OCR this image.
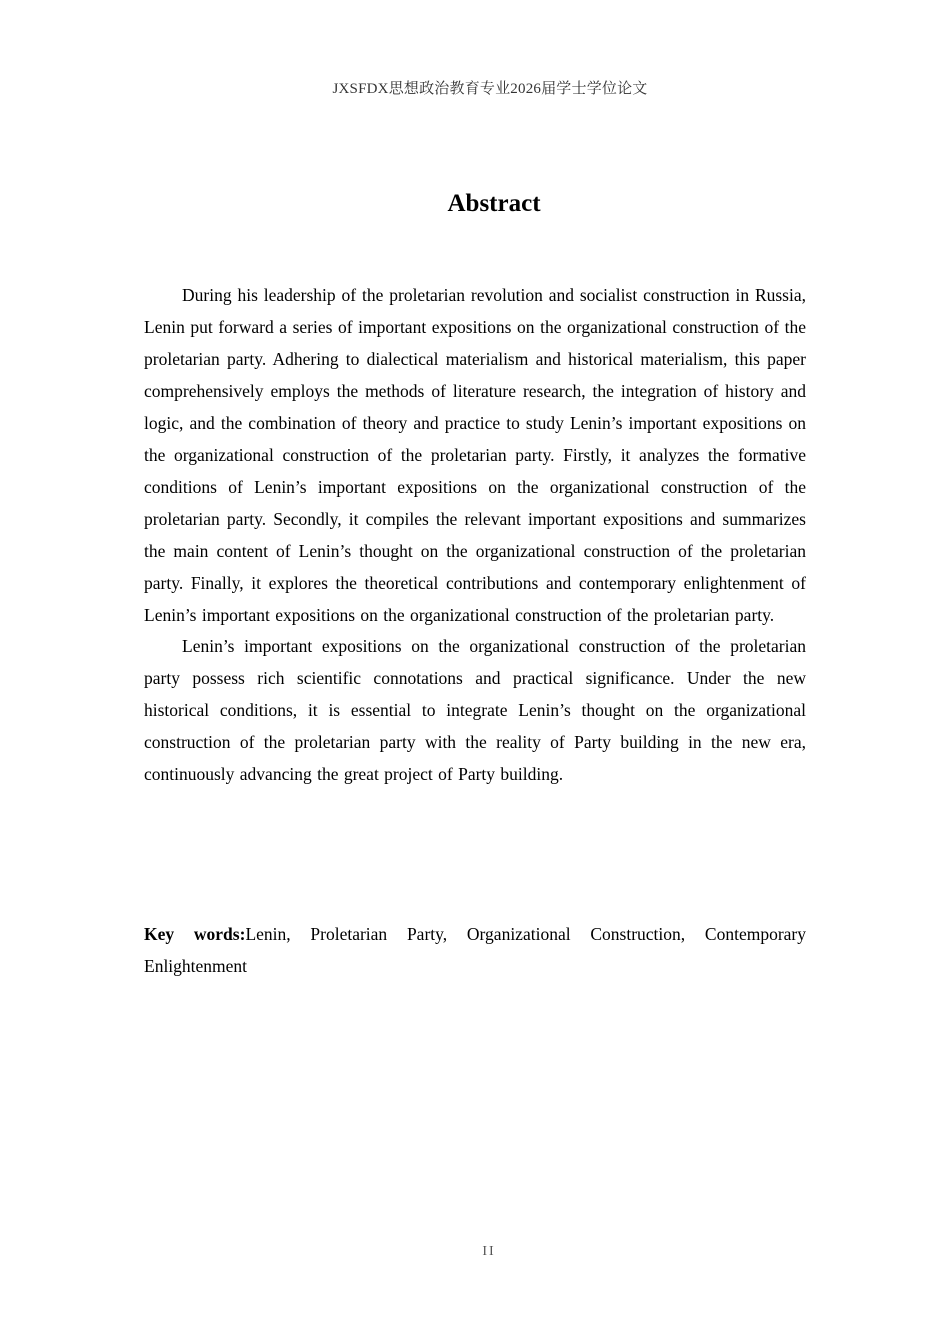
JXSFDX思想政治教育专业2026届学士学位论文
Abstract

During his leadership of the proletarian revolution and socialist construction in Russia, Lenin put forward a series of important expositions on the organizational construction of the proletarian party. Adhering to dialectical materialism and historical materialism, this paper comprehensively employs the methods of literature research, the integration of history and logic, and the combination of theory and practice to study Lenin’s important expositions on the organizational construction of the proletarian party. Firstly, it analyzes the formative conditions of Lenin’s important expositions on the organizational construction of the proletarian party. Secondly, it compiles the relevant important expositions and summarizes the main content of Lenin’s thought on the organizational construction of the proletarian party. Finally, it explores the theoretical contributions and contemporary enlightenment of Lenin’s important expositions on the organizational construction of the proletarian party.

Lenin’s important expositions on the organizational construction of the proletarian party possess rich scientific connotations and practical significance. Under the new historical conditions, it is essential to integrate Lenin’s thought on the organizational construction of the proletarian party with the reality of Party building in the new era, continuously advancing the great project of Party building.

Key words:Lenin, Proletarian Party, Organizational Construction, Contemporary Enlightenment

II
